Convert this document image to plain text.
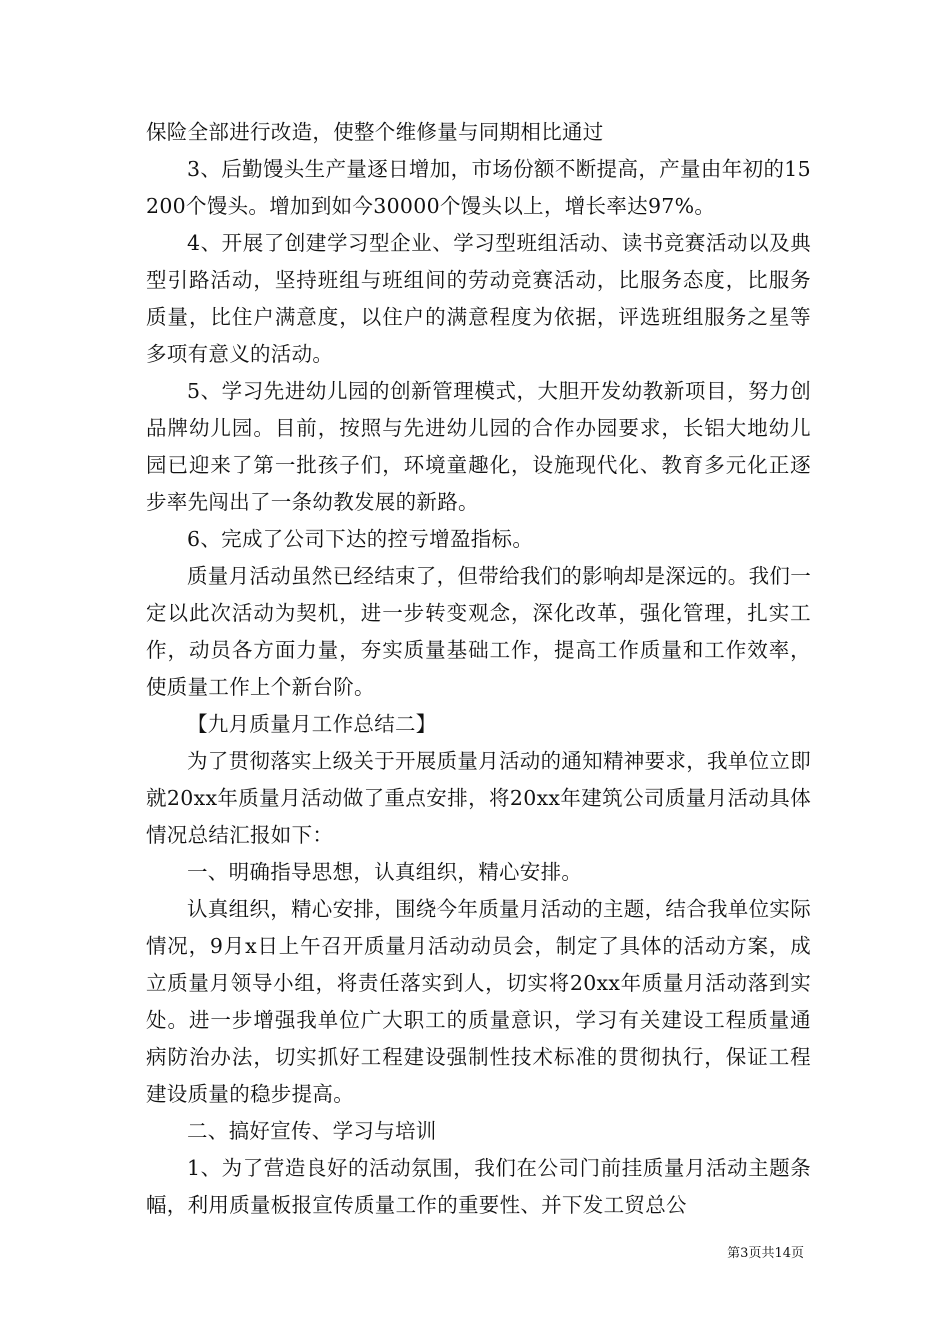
保险全部进行改造，使整个维修量与同期相比通过

3、后勤馒头生产量逐日增加，市场份额不断提高，产量由年初的15200个馒头。增加到如今30000个馒头以上，增长率达97%。

4、开展了创建学习型企业、学习型班组活动、读书竞赛活动以及典型引路活动，坚持班组与班组间的劳动竞赛活动，比服务态度，比服务质量，比住户满意度，以住户的满意程度为依据，评选班组服务之星等多项有意义的活动。

5、学习先进幼儿园的创新管理模式，大胆开发幼教新项目，努力创品牌幼儿园。目前，按照与先进幼儿园的合作办园要求，长铝大地幼儿园已迎来了第一批孩子们，环境童趣化，设施现代化、教育多元化正逐步率先闯出了一条幼教发展的新路。

6、完成了公司下达的控亏增盈指标。

质量月活动虽然已经结束了，但带给我们的影响却是深远的。我们一定以此次活动为契机，进一步转变观念，深化改革，强化管理，扎实工作，动员各方面力量，夯实质量基础工作，提高工作质量和工作效率，使质量工作上个新台阶。

【九月质量月工作总结二】

为了贯彻落实上级关于开展质量月活动的通知精神要求，我单位立即就20xx年质量月活动做了重点安排，将20xx年建筑公司质量月活动具体情况总结汇报如下：

一、明确指导思想，认真组织，精心安排。

认真组织，精心安排，围绕今年质量月活动的主题，结合我单位实际情况，9月x日上午召开质量月活动动员会，制定了具体的活动方案，成立质量月领导小组，将责任落实到人，切实将20xx年质量月活动落到实处。进一步增强我单位广大职工的质量意识，学习有关建设工程质量通病防治办法，切实抓好工程建设强制性技术标准的贯彻执行，保证工程建设质量的稳步提高。

二、搞好宣传、学习与培训

1、为了营造良好的活动氛围，我们在公司门前挂质量月活动主题条幅，利用质量板报宣传质量工作的重要性、并下发工贸总公

第3页共14页
